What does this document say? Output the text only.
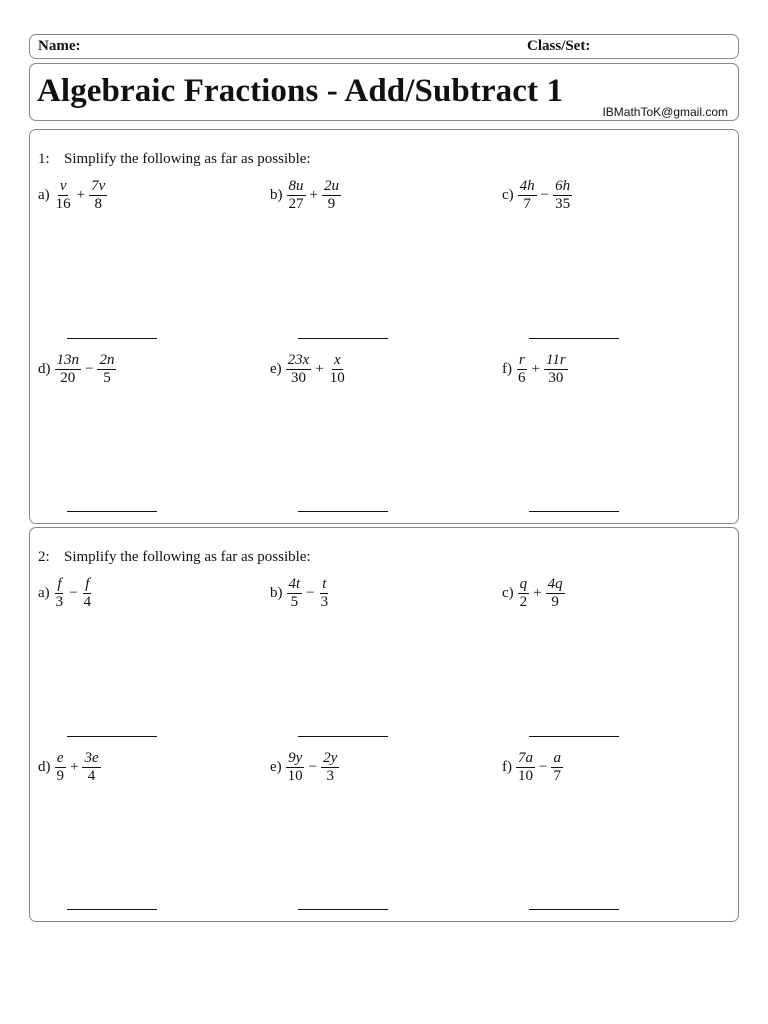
Name:	Class/Set:
Algebraic Fractions - Add/Subtract 1
IBMathToK@gmail.com
1: Simplify the following as far as possible:
$a) \frac{v}{16} + \frac{7v}{8}$	$b) \frac{8u}{27} + \frac{2u}{9}$	$c) \frac{4h}{7} - \frac{6h}{35}$
$d) \frac{13n}{20} - \frac{2n}{5}$	$e) \frac{23x}{30} + \frac{x}{10}$	$f) \frac{r}{6} + \frac{11r}{30}$
2: Simplify the following as far as possible:
$a) \frac{f}{3} - \frac{f}{4}$	$b) \frac{4t}{5} - \frac{t}{3}$	$c) \frac{q}{2} + \frac{4q}{9}$
$d) \frac{e}{9} + \frac{3e}{4}$	$e) \frac{9y}{10} - \frac{2y}{3}$	$f) \frac{7a}{10} - \frac{a}{7}$
